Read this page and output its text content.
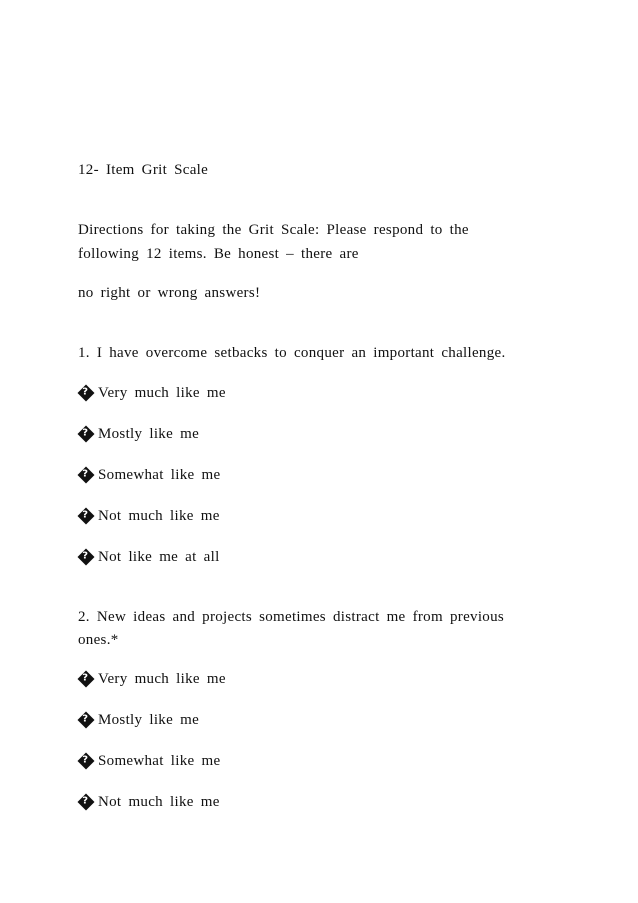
12- Item Grit Scale
Directions for taking the Grit Scale: Please respond to the
following 12 items. Be honest – there are
no right or wrong answers!
1. I have overcome setbacks to conquer an important challenge.
?
Very much like me
?
Mostly like me
?
Somewhat like me
?
Not much like me
?
Not like me at all
2. New ideas and projects sometimes distract me from previous
ones.*
?
Very much like me
?
Mostly like me
?
Somewhat like me
?
Not much like me
